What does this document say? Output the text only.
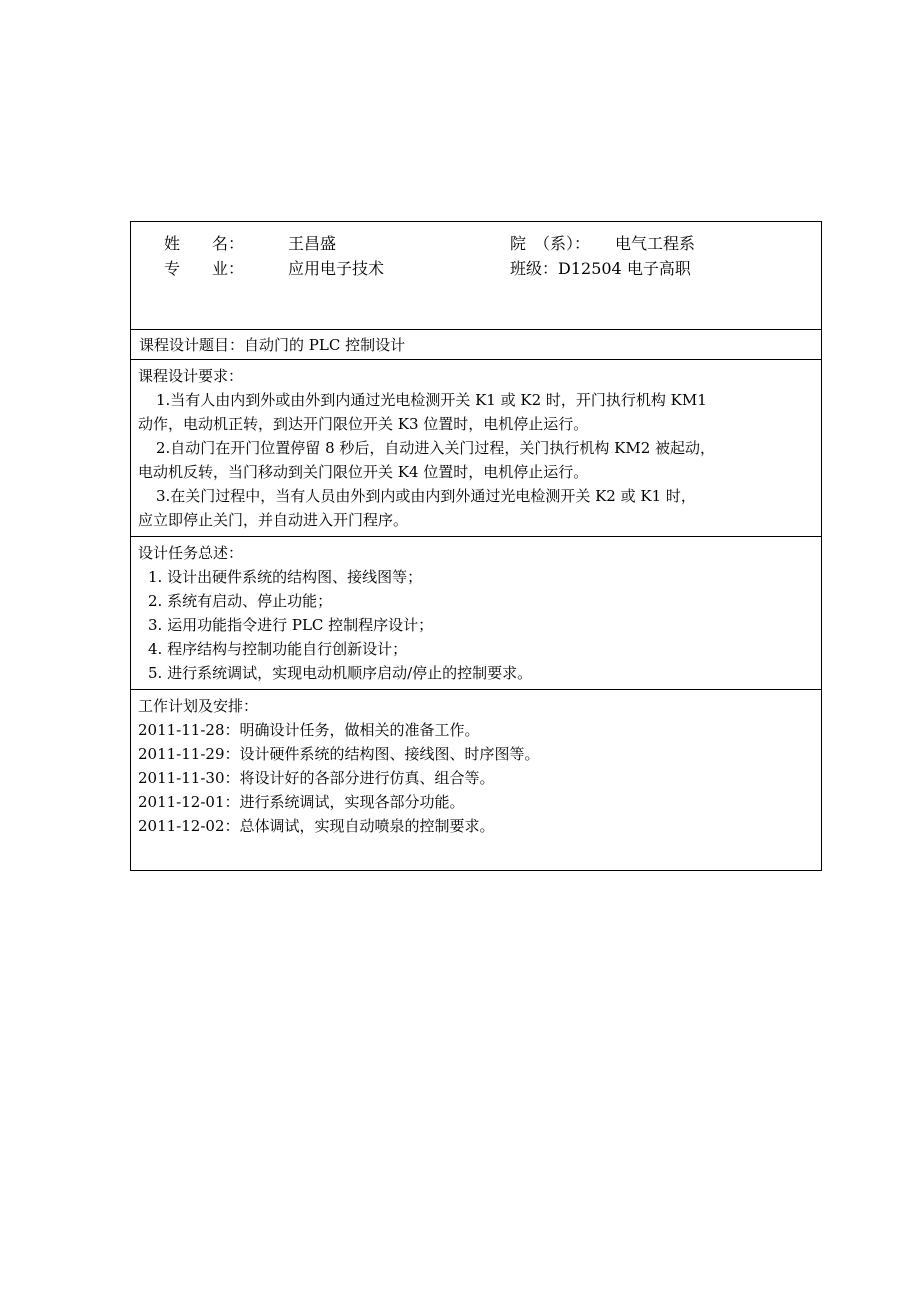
姓　　名：	王昌盛	院　（系）： 电气工程系
专　　业：	应用电子技术	班级： D12504 电子高职
课程设计题目：自动门的 PLC 控制设计

课程设计要求：

1.当有人由内到外或由外到内通过光电检测开关 K1 或 K2 时，开门执行机构 KM1

动作，电动机正转，到达开门限位开关 K3 位置时，电机停止运行。

2.自动门在开门位置停留 8 秒后，自动进入关门过程，关门执行机构 KM2 被起动，

电动机反转，当门移动到关门限位开关 K4 位置时，电机停止运行。

3.在关门过程中，当有人员由外到内或由内到外通过光电检测开关 K2 或 K1 时，

应立即停止关门，并自动进入开门程序。

设计任务总述：

1. 设计出硬件系统的结构图、接线图等；

2. 系统有启动、停止功能；

3. 运用功能指令进行 PLC 控制程序设计；

4. 程序结构与控制功能自行创新设计；

5. 进行系统调试，实现电动机顺序启动/停止的控制要求。

工作计划及安排：

2011-11-28：明确设计任务，做相关的准备工作。

2011-11-29：设计硬件系统的结构图、接线图、时序图等。

2011-11-30：将设计好的各部分进行仿真、组合等。

2011-12-01：进行系统调试，实现各部分功能。

2011-12-02：总体调试，实现自动喷泉的控制要求。
